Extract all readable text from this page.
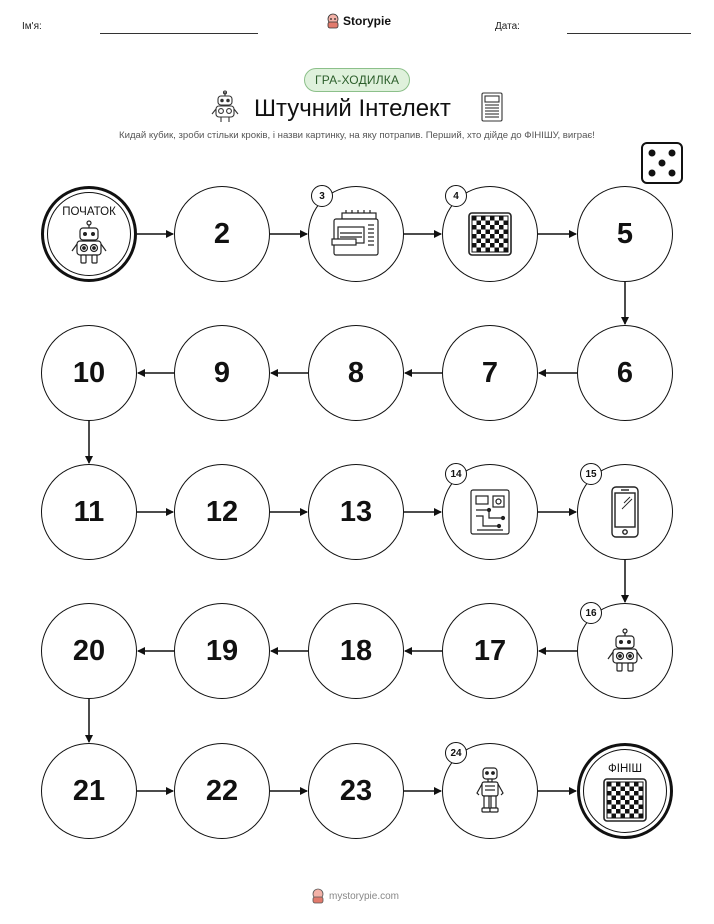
Ім'я:	Storypie	Дата:
ГРА-ХОДИЛКА
Штучний Інтелект
Кидай кубик, зроби стільки кроків, і назви картинку, на яку потрапив. Перший, хто дійде до ФІНІШУ, виграє!
ПОЧАТОК
2
3	4
5
6
7
8
9
10
11	12	13
14	15
16
17
18
19
20
21	22	23
24
ФІНІШ
mystorypie.com
